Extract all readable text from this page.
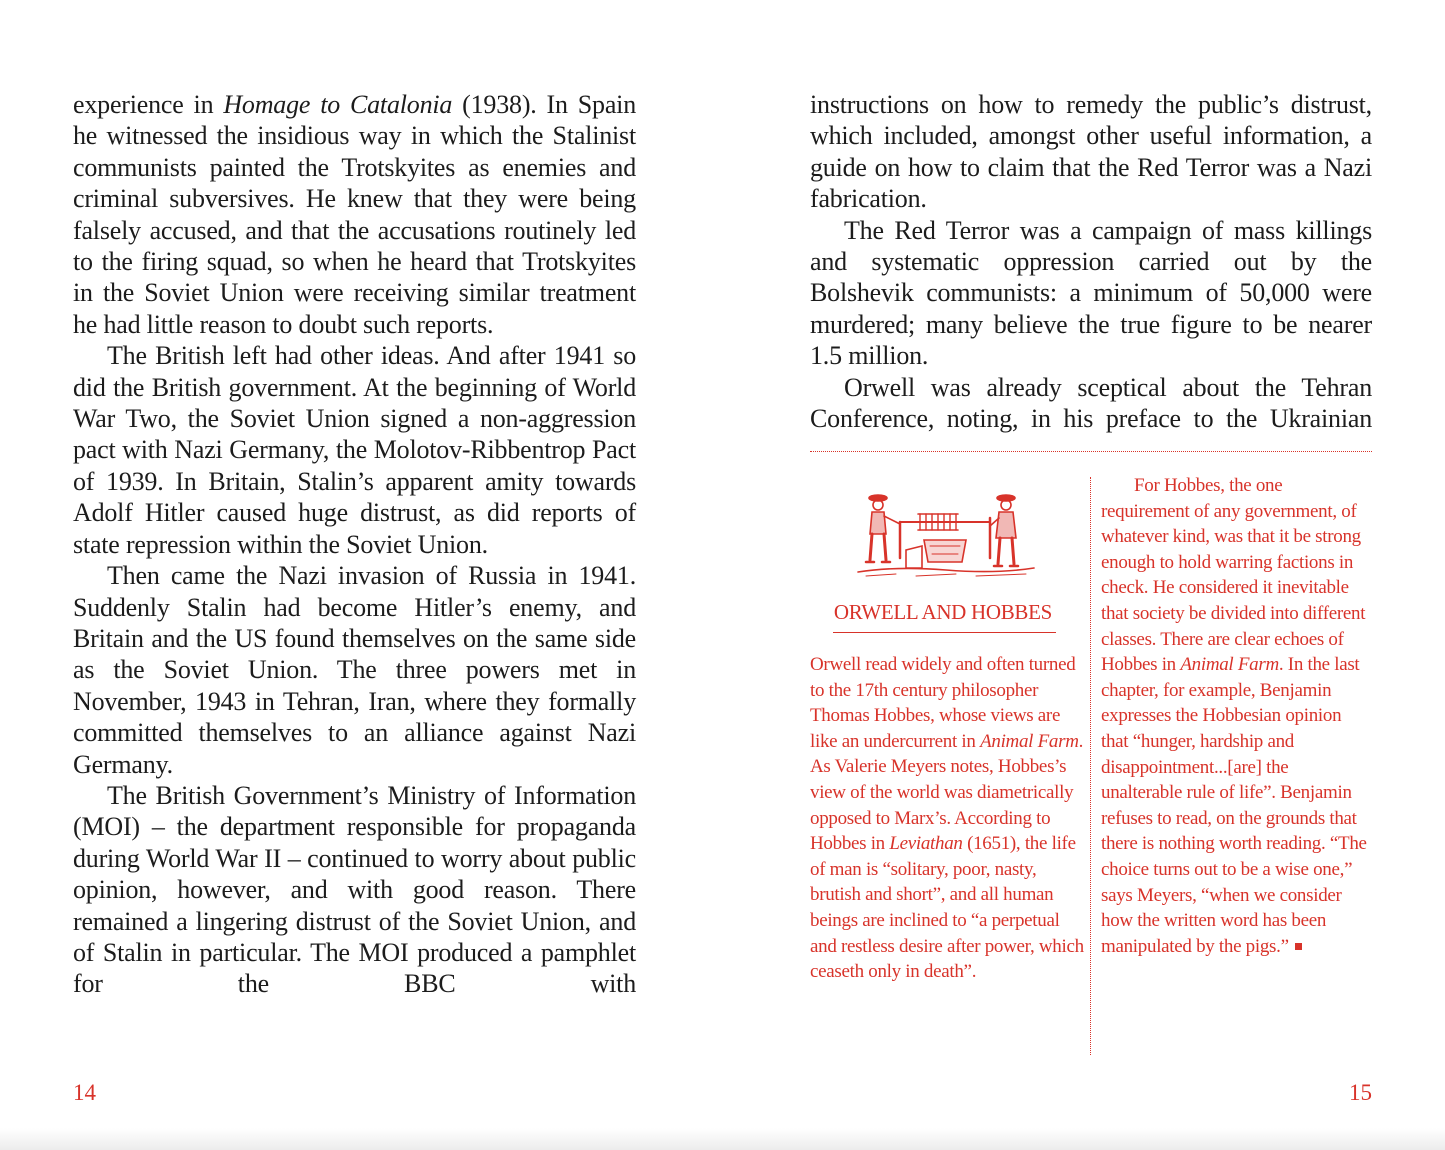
experience in Homage to Catalonia (1938). In Spain he witnessed the insidious way in which the Stalinist communists painted the Trotskyites as enemies and criminal subversives. He knew that they were being falsely accused, and that the accusations routinely led to the firing squad, so when he heard that Trotskyites in the Soviet Union were receiving similar treatment he had little reason to doubt such reports.

The British left had other ideas. And after 1941 so did the British government. At the beginning of World War Two, the Soviet Union signed a non-aggression pact with Nazi Germany, the Molotov-Ribbentrop Pact of 1939. In Britain, Stalin’s apparent amity towards Adolf Hitler caused huge distrust, as did reports of state repression within the Soviet Union.

Then came the Nazi invasion of Russia in 1941. Suddenly Stalin had become Hitler’s enemy, and Britain and the US found themselves on the same side as the Soviet Union. The three powers met in November, 1943 in Tehran, Iran, where they formally committed themselves to an alliance against Nazi Germany.

The British Government’s Ministry of Information (MOI) – the department responsible for propaganda during World War II – continued to worry about public opinion, however, and with good reason. There remained a lingering distrust of the Soviet Union, and of Stalin in particular. The MOI produced a pamphlet for the BBC with

14

instructions on how to remedy the public’s distrust, which included, amongst other useful information, a guide on how to claim that the Red Terror was a Nazi fabrication.

The Red Terror was a campaign of mass killings and systematic oppression carried out by the Bolshevik communists: a minimum of 50,000 were murdered; many believe the true figure to be nearer 1.5 million.

Orwell was already sceptical about the Tehran Conference, noting, in his preface to the Ukrainian

15
ORWELL AND HOBBES

Orwell read widely and often turned to the 17th century philosopher Thomas Hobbes, whose views are like an undercurrent in Animal Farm. As Valerie Meyers notes, Hobbes’s view of the world was diametrically opposed to Marx’s. According to Hobbes in Leviathan (1651), the life of man is “solitary, poor, nasty, brutish and short”, and all human beings are inclined to “a perpetual and restless desire after power, which ceaseth only in death”.

For Hobbes, the one requirement of any government, of whatever kind, was that it be strong enough to hold warring factions in check. He considered it inevitable that society be divided into different classes. There are clear echoes of Hobbes in Animal Farm. In the last chapter, for example, Benjamin expresses the Hobbesian opinion that “hunger, hardship and disappointment...[are] the unalterable rule of life”. Benjamin refuses to read, on the grounds that there is nothing worth reading. “The choice turns out to be a wise one,” says Meyers, “when we consider how the written word has been manipulated by the pigs.”
